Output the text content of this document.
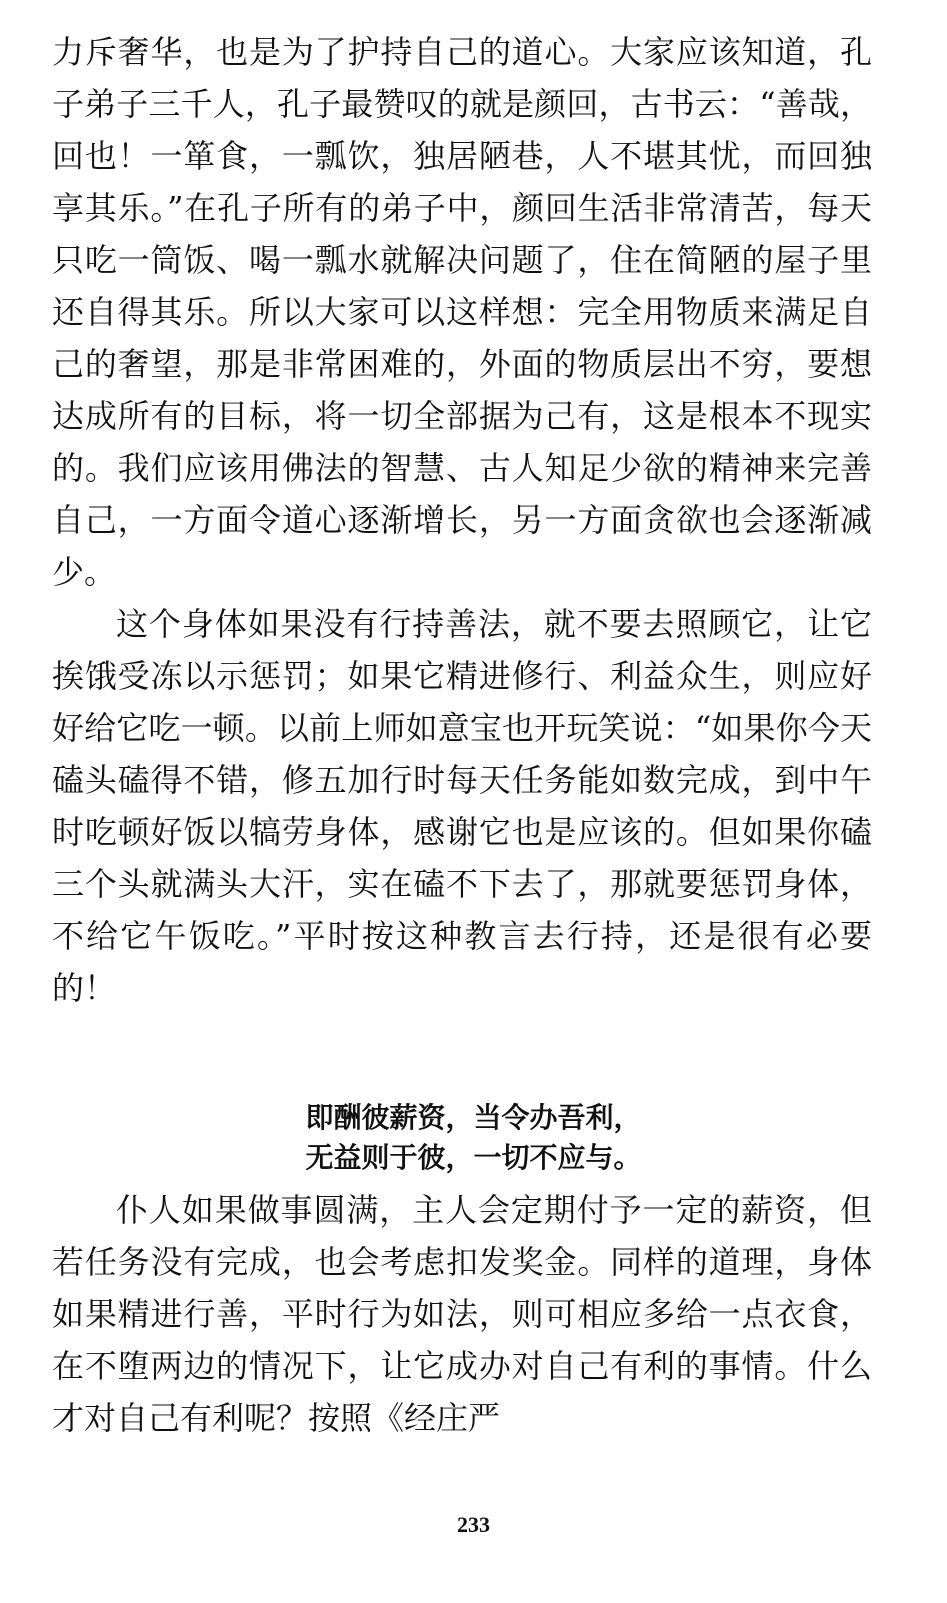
力斥奢华，也是为了护持自己的道心。大家应该知道，孔子弟子三千人，孔子最赞叹的就是颜回，古书云：“善哉，回也！一箪食，一瓢饮，独居陋巷，人不堪其忧，而回独享其乐。”在孔子所有的弟子中，颜回生活非常清苦，每天只吃一筒饭、喝一瓢水就解决问题了，住在简陋的屋子里还自得其乐。所以大家可以这样想：完全用物质来满足自己的奢望，那是非常困难的，外面的物质层出不穷，要想达成所有的目标，将一切全部据为己有，这是根本不现实的。我们应该用佛法的智慧、古人知足少欲的精神来完善自己，一方面令道心逐渐增长，另一方面贪欲也会逐渐减少。

这个身体如果没有行持善法，就不要去照顾它，让它挨饿受冻以示惩罚；如果它精进修行、利益众生，则应好好给它吃一顿。以前上师如意宝也开玩笑说：“如果你今天磕头磕得不错，修五加行时每天任务能如数完成，到中午时吃顿好饭以犒劳身体，感谢它也是应该的。但如果你磕三个头就满头大汗，实在磕不下去了，那就要惩罚身体，不给它午饭吃。”平时按这种教言去行持，还是很有必要的！

即酬彼薪资，当令办吾利，
无益则于彼，一切不应与。

仆人如果做事圆满，主人会定期付予一定的薪资，但若任务没有完成，也会考虑扣发奖金。同样的道理，身体如果精进行善，平时行为如法，则可相应多给一点衣食，在不堕两边的情况下，让它成办对自己有利的事情。什么才对自己有利呢？按照《经庄严

233
